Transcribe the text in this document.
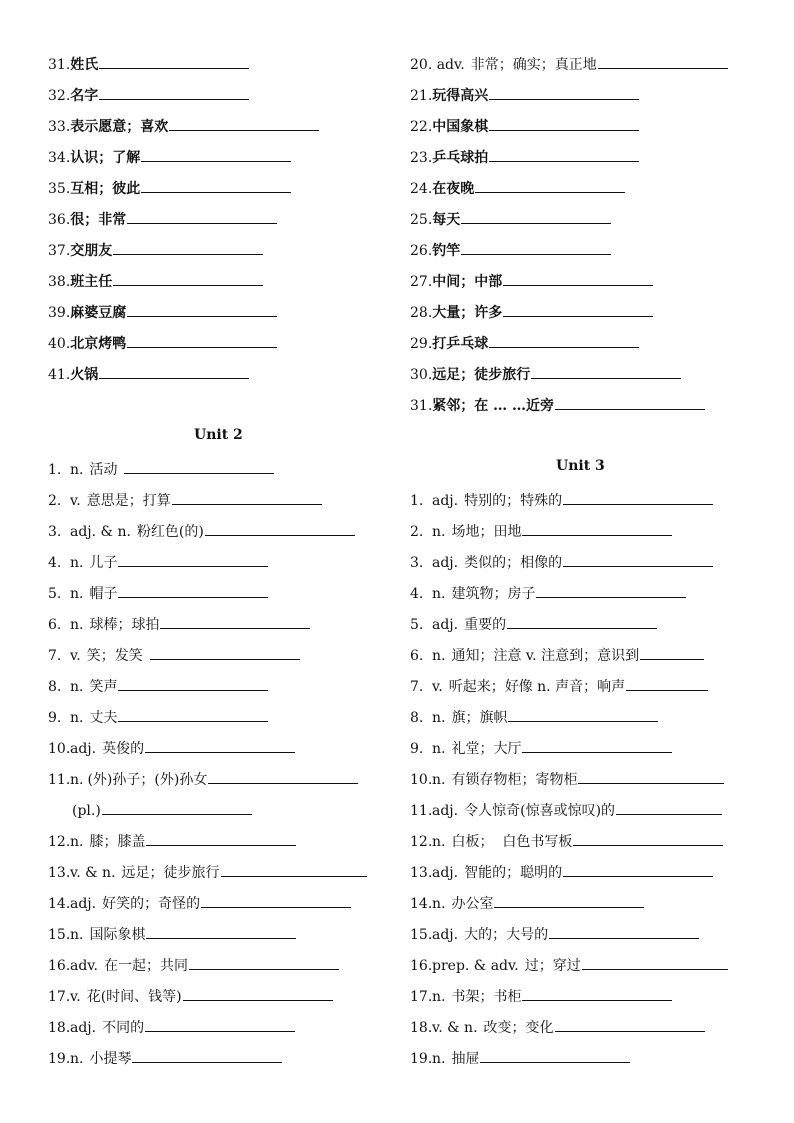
31.姓氏
32.名字
33.表示愿意；喜欢
34.认识；了解
35.互相；彼此
36.很；非常
37.交朋友
38.班主任
39.麻婆豆腐
40.北京烤鸭
41.火锅
Unit 2
1. n. 活动
2. v. 意思是；打算
3. adj. & n. 粉红色(的)
4. n. 儿子
5. n. 帽子
6. n. 球棒；球拍
7. v. 笑；发笑
8. n. 笑声
9. n. 丈夫
10.adj. 英俊的
11.n. (外)孙子；(外)孙女
(pl.)
12.n. 膝；膝盖
13.v. & n. 远足；徒步旅行
14.adj. 好笑的；奇怪的
15.n. 国际象棋
16.adv. 在一起；共同
17.v. 花(时间、钱等)
18.adj. 不同的
19.n. 小提琴
20. adv. 非常；确实；真正地
21.玩得高兴
22.中国象棋
23.乒乓球拍
24.在夜晚
25.每天
26.钓竿
27.中间；中部
28.大量；许多
29.打乒乓球
30.远足；徒步旅行
31.紧邻；在 … …近旁
Unit 3
1. adj. 特别的；特殊的
2. n. 场地；田地
3. adj. 类似的；相像的
4. n. 建筑物；房子
5. adj. 重要的
6. n. 通知；注意 v. 注意到；意识到
7. v. 听起来；好像 n. 声音；响声
8. n. 旗；旗帜
9. n. 礼堂；大厅
10.n. 有锁存物柜；寄物柜
11.adj. 令人惊奇(惊喜或惊叹)的
12.n. 白板；  白色书写板
13.adj. 智能的；聪明的
14.n. 办公室
15.adj. 大的；大号的
16.prep. & adv. 过；穿过
17.n. 书架；书柜
18.v. & n. 改变；变化
19.n. 抽屉
